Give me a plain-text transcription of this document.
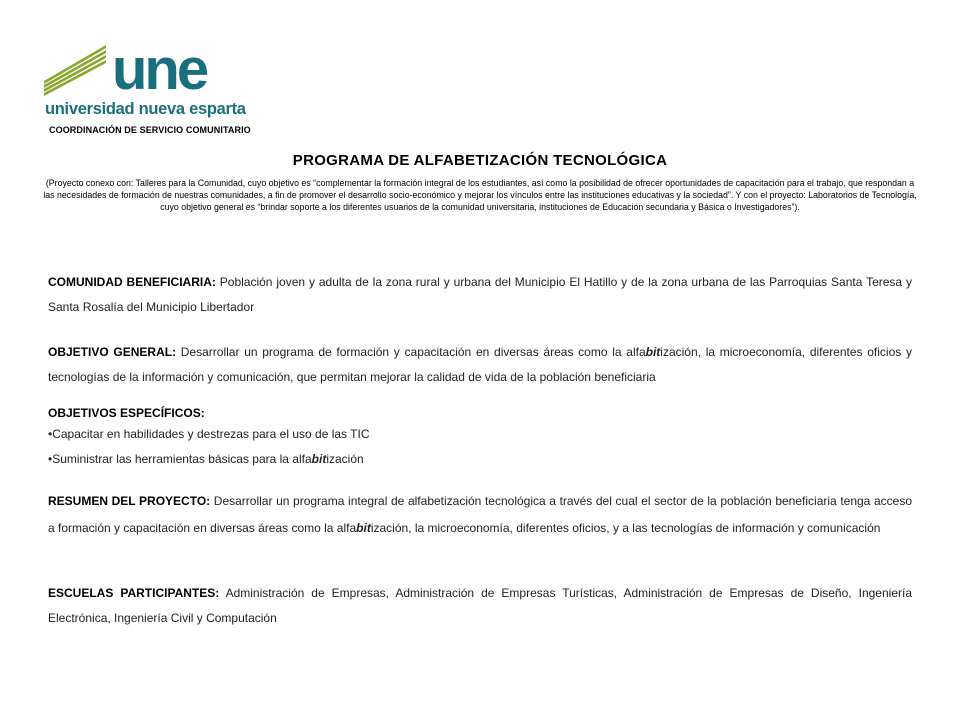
une
universidad nueva esparta
COORDINACIÓN DE SERVICIO COMUNITARIO
PROGRAMA DE ALFABETIZACIÓN TECNOLÓGICA
(Proyecto conexo con: Talleres para la Comunidad, cuyo objetivo es “complementar la formación integral de los estudiantes, así como la posibilidad de ofrecer oportunidades de capacitación para el trabajo, que respondan a las necesidades de formación de nuestras comunidades, a fin de promover el desarrollo socio-económico y mejorar los vínculos entre las instituciones educativas y la sociedad”. Y con el proyecto: Laboratorios de Tecnología, cuyo objetivo general es “brindar soporte a los diferentes usuarios de la comunidad universitaria, instituciones de Educación secundaria y Básica o Investigadores”).
COMUNIDAD BENEFICIARIA: Población joven y adulta de la zona rural y urbana del Municipio El Hatillo y de la zona urbana de las Parroquias Santa Teresa y Santa Rosalía del Municipio Libertador
OBJETIVO GENERAL: Desarrollar un programa de formación y capacitación en diversas áreas como la alfabitización, la microeconomía, diferentes oficios y tecnologías de la información y comunicación, que permitan mejorar la calidad de vida de la población beneficiaria
OBJETIVOS ESPECÍFICOS:
•Capacitar en habilidades y destrezas para el uso de las TIC
•Suministrar las herramientas básicas para la alfabitización
RESUMEN DEL PROYECTO: Desarrollar un programa integral de alfabetización tecnológica a través del cual el sector de la población beneficiaria tenga acceso a formación y capacitación en diversas áreas como la alfabitización, la microeconomía, diferentes oficios, y a las tecnologías de información y comunicación
ESCUELAS PARTICIPANTES: Administración de Empresas, Administración de Empresas Turísticas, Administración de Empresas de Diseño, Ingeniería Electrónica, Ingeniería Civil y Computación
